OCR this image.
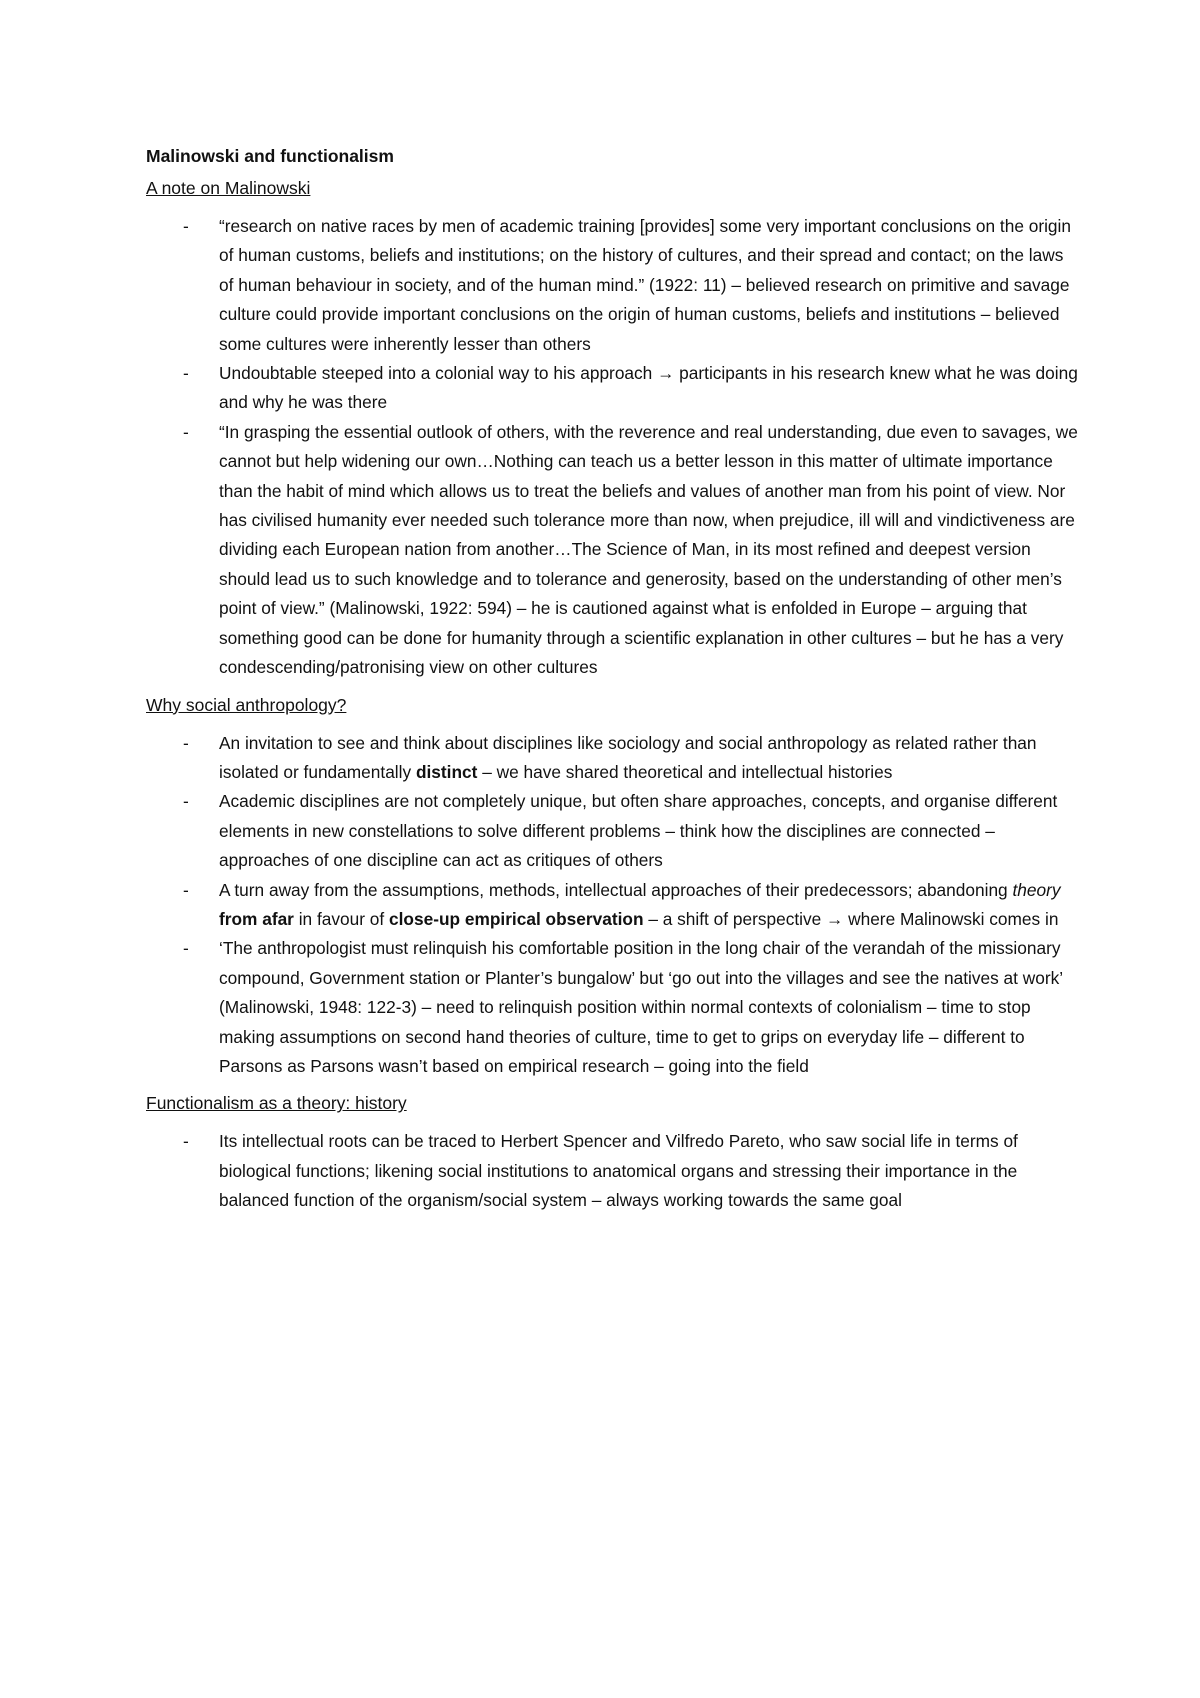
Malinowski and functionalism
A note on Malinowski
- “research on native races by men of academic training [provides] some very important conclusions on the origin of human customs, beliefs and institutions; on the history of cultures, and their spread and contact; on the laws of human behaviour in society, and of the human mind.” (1922: 11) – believed research on primitive and savage culture could provide important conclusions on the origin of human customs, beliefs and institutions – believed some cultures were inherently lesser than others
- Undoubtable steeped into a colonial way to his approach → participants in his research knew what he was doing and why he was there
- “In grasping the essential outlook of others, with the reverence and real understanding, due even to savages, we cannot but help widening our own…Nothing can teach us a better lesson in this matter of ultimate importance than the habit of mind which allows us to treat the beliefs and values of another man from his point of view. Nor has civilised humanity ever needed such tolerance more than now, when prejudice, ill will and vindictiveness are dividing each European nation from another…The Science of Man, in its most refined and deepest version should lead us to such knowledge and to tolerance and generosity, based on the understanding of other men’s point of view.” (Malinowski, 1922: 594) – he is cautioned against what is enfolded in Europe – arguing that something good can be done for humanity through a scientific explanation in other cultures – but he has a very condescending/patronising view on other cultures
Why social anthropology?
- An invitation to see and think about disciplines like sociology and social anthropology as related rather than isolated or fundamentally distinct – we have shared theoretical and intellectual histories
- Academic disciplines are not completely unique, but often share approaches, concepts, and organise different elements in new constellations to solve different problems – think how the disciplines are connected – approaches of one discipline can act as critiques of others
- A turn away from the assumptions, methods, intellectual approaches of their predecessors; abandoning theory from afar in favour of close-up empirical observation – a shift of perspective → where Malinowski comes in
- ‘The anthropologist must relinquish his comfortable position in the long chair of the verandah of the missionary compound, Government station or Planter’s bungalow’ but ‘go out into the villages and see the natives at work’ (Malinowski, 1948: 122-3) – need to relinquish position within normal contexts of colonialism – time to stop making assumptions on second hand theories of culture, time to get to grips on everyday life – different to Parsons as Parsons wasn’t based on empirical research – going into the field
Functionalism as a theory: history
- Its intellectual roots can be traced to Herbert Spencer and Vilfredo Pareto, who saw social life in terms of biological functions; likening social institutions to anatomical organs and stressing their importance in the balanced function of the organism/social system – always working towards the same goal
